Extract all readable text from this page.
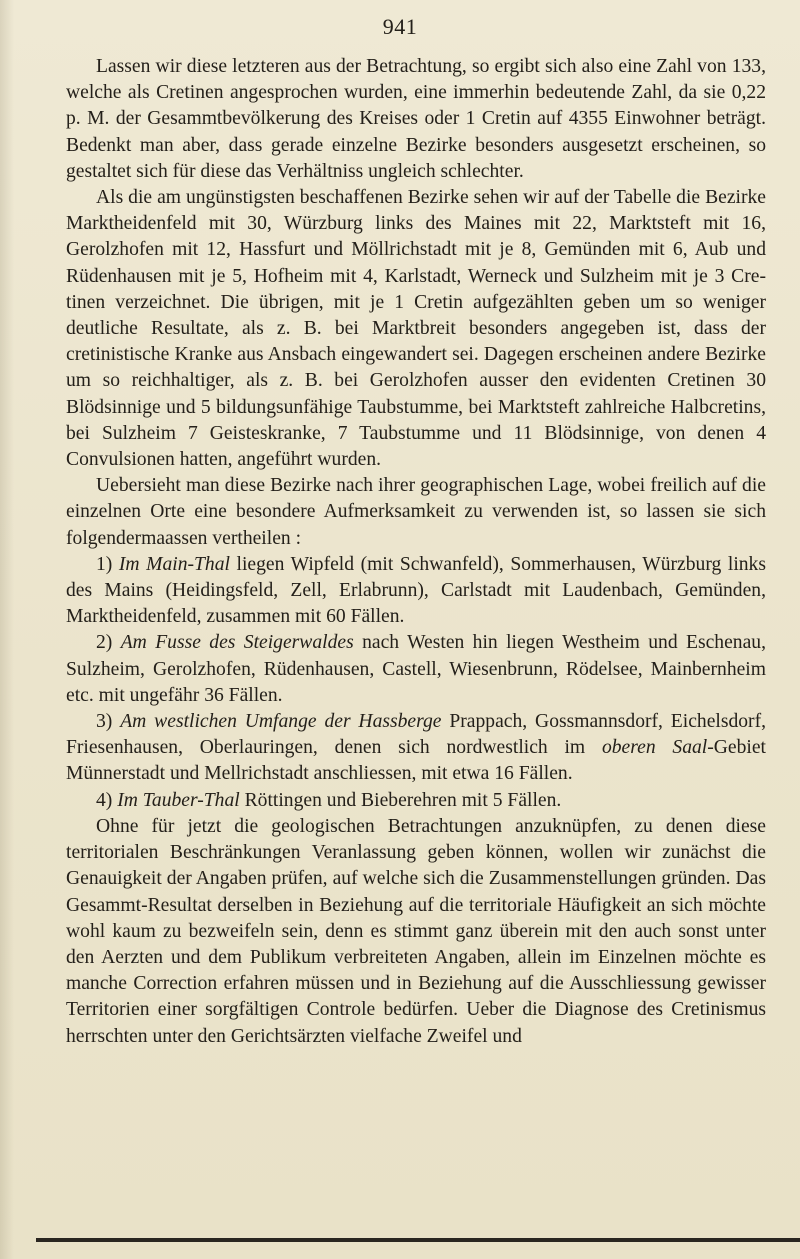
941

Lassen wir diese letzteren aus der Betrachtung, so ergibt sich also eine Zahl von 133, welche als Cretinen angesprochen wurden, eine immerhin bedeutende Zahl, da sie 0,22 p. M. der Gesammtbevölkerung des Kreises oder 1 Cretin auf 4355 Einwohner beträgt. Bedenkt man aber, dass gerade einzelne Bezirke besonders ausgesetzt erscheinen, so gestaltet sich für diese das Verhältniss ungleich schlechter.

Als die am ungünstigsten beschaffenen Bezirke sehen wir auf der Tabelle die Bezirke Marktheidenfeld mit 30, Würzburg links des Maines mit 22, Marktsteft mit 16, Gerolzhofen mit 12, Hassfurt und Möllrichstadt mit je 8, Gemünden mit 6, Aub und Rüdenhausen mit je 5, Hofheim mit 4, Karlstadt, Werneck und Sulzheim mit je 3 Cretinen verzeichnet. Die übrigen, mit je 1 Cretin aufgezählten geben um so weniger deutliche Resultate, als z. B. bei Marktbreit besonders angegeben ist, dass der cretinistische Kranke aus Ansbach eingewandert sei. Dagegen erscheinen andere Bezirke um so reichhaltiger, als z. B. bei Gerolzhofen ausser den evidenten Cretinen 30 Blödsinnige und 5 bildungsunfähige Taubstumme, bei Marktsteft zahlreiche Halbcretins, bei Sulzheim 7 Geisteskranke, 7 Taubstumme und 11 Blödsinnige, von denen 4 Convulsionen hatten, angeführt wurden.

Uebersieht man diese Bezirke nach ihrer geographischen Lage, wobei freilich auf die einzelnen Orte eine besondere Aufmerksamkeit zu verwenden ist, so lassen sie sich folgendermaassen vertheilen :

1) Im Main-Thal liegen Wipfeld (mit Schwanfeld), Sommerhausen, Würzburg links des Mains (Heidingsfeld, Zell, Erlabrunn), Carlstadt mit Laudenbach, Gemünden, Marktheidenfeld, zusammen mit 60 Fällen.

2) Am Fusse des Steigerwaldes nach Westen hin liegen Westheim und Eschenau, Sulzheim, Gerolzhofen, Rüdenhausen, Castell, Wiesenbrunn, Rödelsee, Mainbernheim etc. mit ungefähr 36 Fällen.

3) Am westlichen Umfange der Hassberge Prappach, Gossmannsdorf, Eichelsdorf, Friesenhausen, Oberlauringen, denen sich nordwestlich im oberen Saal-Gebiet Münnerstadt und Mellrichstadt anschliessen, mit etwa 16 Fällen.

4) Im Tauber-Thal Röttingen und Bieberehren mit 5 Fällen.

Ohne für jetzt die geologischen Betrachtungen anzuknüpfen, zu denen diese territorialen Beschränkungen Veranlassung geben können, wollen wir zunächst die Genauigkeit der Angaben prüfen, auf welche sich die Zusammenstellungen gründen. Das Gesammt-Resultat derselben in Beziehung auf die territoriale Häufigkeit an sich möchte wohl kaum zu bezweifeln sein, denn es stimmt ganz überein mit den auch sonst unter den Aerzten und dem Publikum verbreiteten Angaben, allein im Einzelnen möchte es manche Correction erfahren müssen und in Beziehung auf die Ausschliessung gewisser Territorien einer sorgfältigen Controle bedürfen. Ueber die Diagnose des Cretinismus herrschten unter den Gerichtsärzten vielfache Zweifel und
